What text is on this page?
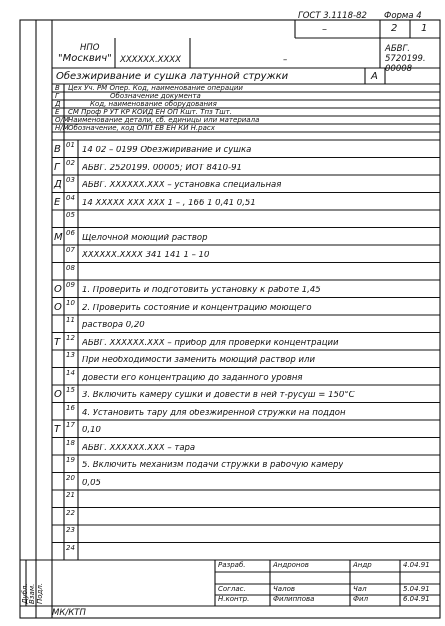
ГОСТ 3.1118-82 Форма 4
–	2 1
НПО
"Москвич" ХХХХХХ.ХХХХ	–
АБВГ. 5720199. 00008
Обезжиривание и сушка латунной стружки	А
В Цех Уч. РМ Опер. Код, наименование операции
Г	Обозначение документа
Д	Код, наименование оборудования
Е СМ Проф Р УТ КР КОИД ЕН ОП Кшт. Тпз Тшт.
О/М Наименование детали, сб. единицы или материала
Н/М Обозначение, код ОПП ЕВ ЕН КИ Н.расх
В 01 14 02 – 0199 Обезжиривание и сушка
Г 02 АБВГ. 2520199. 00005; ИОТ 8410-91
Д 03 АБВГ. ХХХХХХ.ХХХ – установка специальная
Е 04 14 ХХХХХ ХХХ ХХХ 1 – , 166 1 0,41 0,51
05
М 06 Щелочной моющий раствор
07 ХХХХХХ.ХХХХ 341 141 1 – 10
08
О 09 1. Проверить и подготовить установку к работе 1,45
О 10 2. Проверить состояние и концентрацию моющего
11 раствора 0,20
Т 12 АБВГ. ХХХХХХ.ХХХ – прибор для проверки концентрации
13 При необходимости заменить моющий раствор или
14 довести его концентрацию до заданного уровня
О 15 3. Включить камеру сушки и довести в ней т-русуш = 150°С
16 4. Установить тару для обезжиренной стружки на поддон
Т 17 0,10
18 АБВГ. ХХХХХХ.ХХХ – тара
19 5. Включить механизм подачи стружки в рабочую камеру
20 0,05
21
22
23
24
Разраб.	Андронов	Андр	4.04.91
Соглас.	Чалов	Чал	5.04.91
Н.контр.	Филиппова	Фил	6.04.91
Дубл. Взам. Подл.
МК/КТП
